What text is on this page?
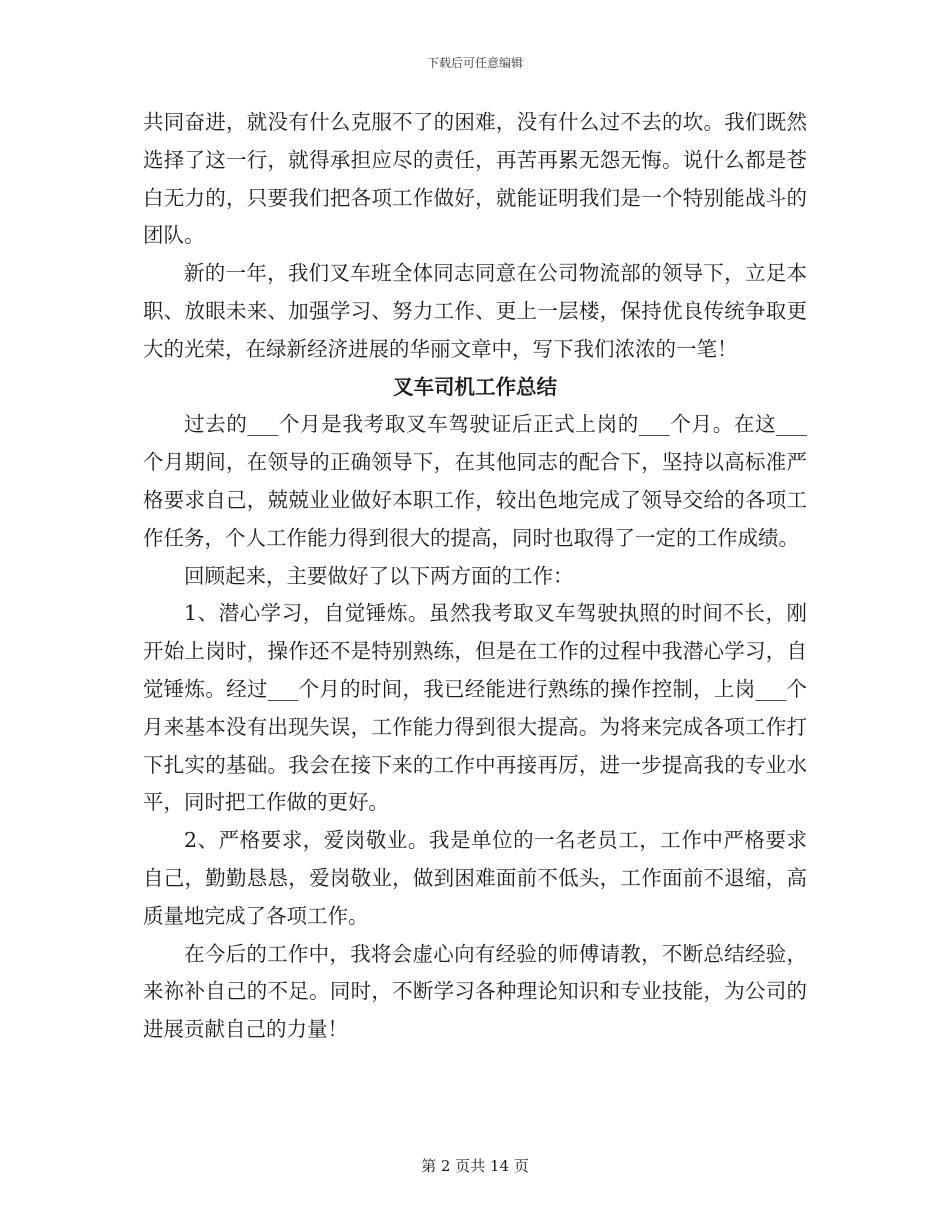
下载后可任意编辑

共同奋进，就没有什么克服不了的困难，没有什么过不去的坎。我们既然选择了这一行，就得承担应尽的责任，再苦再累无怨无悔。说什么都是苍白无力的，只要我们把各项工作做好，就能证明我们是一个特别能战斗的团队。

新的一年，我们叉车班全体同志同意在公司物流部的领导下，立足本职、放眼未来、加强学习、努力工作、更上一层楼，保持优良传统争取更大的光荣，在绿新经济进展的华丽文章中，写下我们浓浓的一笔！

叉车司机工作总结

过去的___个月是我考取叉车驾驶证后正式上岗的___个月。在这___个月期间，在领导的正确领导下，在其他同志的配合下，坚持以高标准严格要求自己，兢兢业业做好本职工作，较出色地完成了领导交给的各项工作任务，个人工作能力得到很大的提高，同时也取得了一定的工作成绩。

回顾起来，主要做好了以下两方面的工作：

1、潜心学习，自觉锤炼。虽然我考取叉车驾驶执照的时间不长，刚开始上岗时，操作还不是特别熟练，但是在工作的过程中我潜心学习，自觉锤炼。经过___个月的时间，我已经能进行熟练的操作控制，上岗___个月来基本没有出现失误，工作能力得到很大提高。为将来完成各项工作打下扎实的基础。我会在接下来的工作中再接再厉，进一步提高我的专业水平，同时把工作做的更好。

2、严格要求，爱岗敬业。我是单位的一名老员工，工作中严格要求自己，勤勤恳恳，爱岗敬业，做到困难面前不低头，工作面前不退缩，高质量地完成了各项工作。

在今后的工作中，我将会虚心向有经验的师傅请教，不断总结经验，来祢补自己的不足。同时，不断学习各种理论知识和专业技能，为公司的进展贡献自己的力量！

第 2 页共 14 页
